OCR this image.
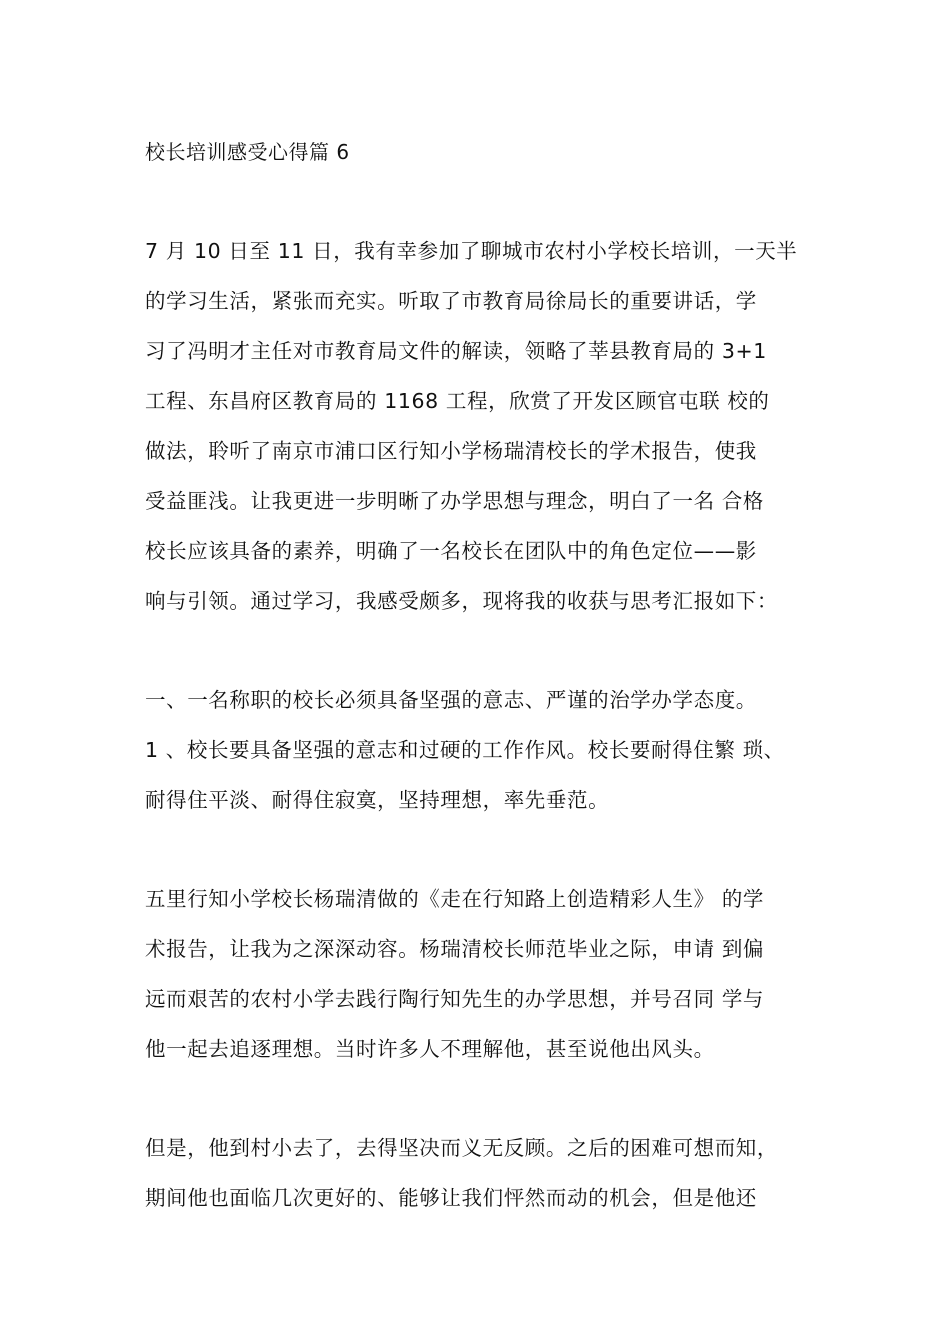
校长培训感受心得篇 6
7 月 10 日至 11 日，我有幸参加了聊城市农村小学校长培训，一天半
的学习生活，紧张而充实。听取了市教育局徐局长的重要讲话，学
习了冯明才主任对市教育局文件的解读，领略了莘县教育局的 3+1
工程、东昌府区教育局的 1168 工程，欣赏了开发区顾官屯联 校的
做法，聆听了南京市浦口区行知小学杨瑞清校长的学术报告，使我
受益匪浅。让我更进一步明晰了办学思想与理念，明白了一名 合格
校长应该具备的素养，明确了一名校长在团队中的角色定位——影
响与引领。通过学习，我感受颇多，现将我的收获与思考汇报如下：
一、一名称职的校长必须具备坚强的意志、严谨的治学办学态度。
1 、校长要具备坚强的意志和过硬的工作作风。校长要耐得住繁 琐、
耐得住平淡、耐得住寂寞，坚持理想，率先垂范。
五里行知小学校长杨瑞清做的《走在行知路上创造精彩人生》 的学
术报告，让我为之深深动容。杨瑞清校长师范毕业之际，申请 到偏
远而艰苦的农村小学去践行陶行知先生的办学思想，并号召同 学与
他一起去追逐理想。当时许多人不理解他，甚至说他出风头。
但是，他到村小去了，去得坚决而义无反顾。之后的困难可想而知，
期间他也面临几次更好的、能够让我们怦然而动的机会，但是他还
